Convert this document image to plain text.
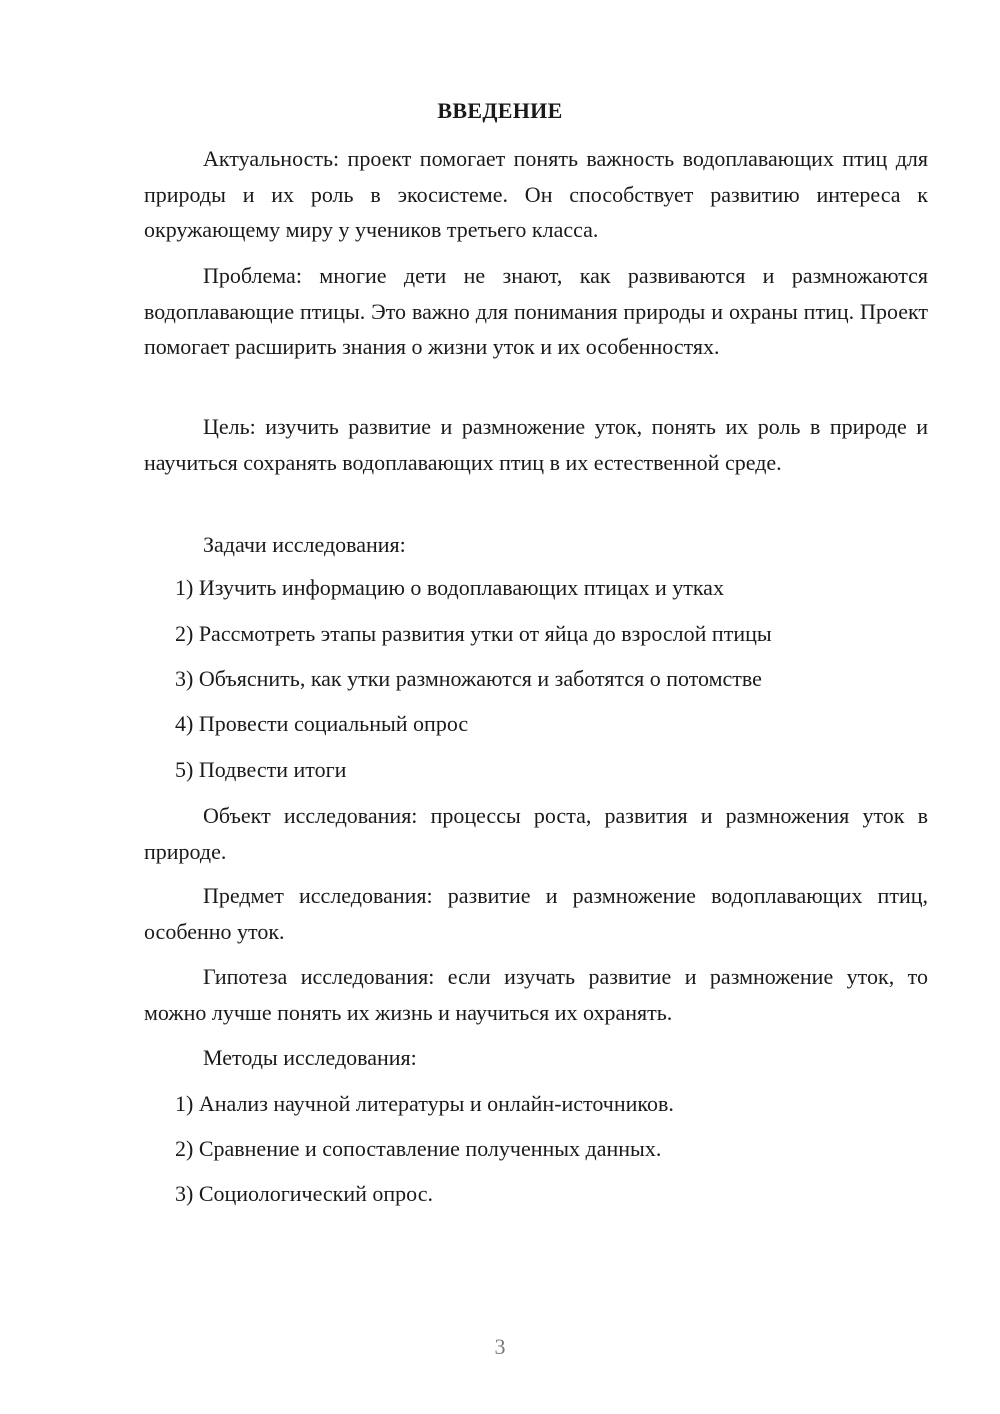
ВВЕДЕНИЕ

Актуальность: проект помогает понять важность водоплавающих птиц для природы и их роль в экосистеме. Он способствует развитию интереса к окружающему миру у учеников третьего класса.

Проблема: многие дети не знают, как развиваются и размножаются водоплавающие птицы. Это важно для понимания природы и охраны птиц. Проект помогает расширить знания о жизни уток и их особенностях.

Цель: изучить развитие и размножение уток, понять их роль в природе и научиться сохранять водоплавающих птиц в их естественной среде.

Задачи исследования:

1) Изучить информацию о водоплавающих птицах и утках

2) Рассмотреть этапы развития утки от яйца до взрослой птицы

3) Объяснить, как утки размножаются и заботятся о потомстве

4) Провести социальный опрос

5) Подвести итоги

Объект исследования: процессы роста, развития и размножения уток в природе.

Предмет исследования: развитие и размножение водоплавающих птиц, особенно уток.

Гипотеза исследования: если изучать развитие и размножение уток, то можно лучше понять их жизнь и научиться их охранять.

Методы исследования:

1) Анализ научной литературы и онлайн-источников.

2) Сравнение и сопоставление полученных данных.

3) Социологический опрос.

3
